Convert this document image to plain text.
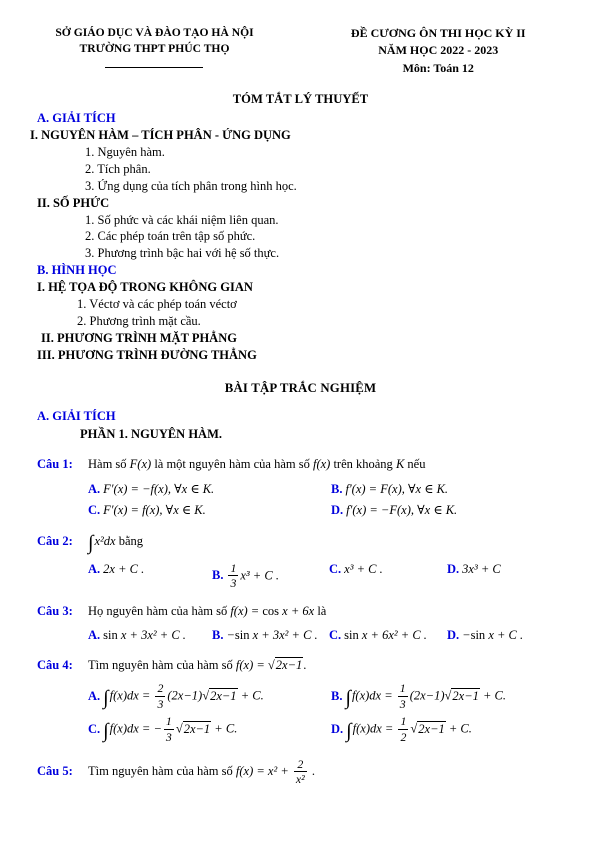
SỞ GIÁO DỤC VÀ ĐÀO TẠO HÀ NỘI
TRƯỜNG THPT PHÚC THỌ
ĐỀ CƯƠNG ÔN THI HỌC KỲ II
NĂM HỌC 2022 - 2023
Môn: Toán 12
TÓM TẮT LÝ THUYẾT
A. GIẢI TÍCH
I. NGUYÊN HÀM – TÍCH PHÂN - ỨNG DỤNG
1. Nguyên hàm.
2. Tích phân.
3. Ứng dụng của tích phân trong hình học.
II. SỐ PHỨC
1. Số phức và các khái niệm liên quan.
2. Các phép toán trên tập số phức.
3. Phương trình bậc hai với hệ số thực.
B. HÌNH HỌC
I. HỆ TỌA ĐỘ TRONG KHÔNG GIAN
1. Véctơ và các phép toán véctơ
2. Phương trình mặt cầu.
II. PHƯƠNG TRÌNH MẶT PHẲNG
III. PHƯƠNG TRÌNH ĐƯỜNG THẲNG
BÀI TẬP TRẮC NGHIỆM
A. GIẢI TÍCH
PHẦN 1. NGUYÊN HÀM.
Câu 1: Hàm số F(x) là một nguyên hàm của hàm số f(x) trên khoảng K nếu
A. F′(x) = −f(x), ∀x ∈ K.	B. f′(x) = F(x), ∀x ∈ K.
C. F′(x) = f(x), ∀x ∈ K.	D. f′(x) = −F(x), ∀x ∈ K.
Câu 2: ∫x²dx bằng
A. 2x + C .	B. $\frac{1}{3} x^3 + C$ .	C. x³ + C .	D. 3x³ + C
Câu 3: Họ nguyên hàm của hàm số f(x) = cos x + 6x là
A. sin x + 3x² + C .	B. −sin x + 3x² + C . C. sin x + 6x² + C .	D. −sin x + C .
Câu 4: Tìm nguyên hàm của hàm số f(x) = √2x−1.
A. $\int f(x)dx = \frac{2}{3} (2x-1)√2x-1 + C$.	B. $\int f(x)dx = \frac{1}{3} (2x-1)√2x-1 + C$.
C. ∫f(x)dx = − $\frac{1}{3} √2x-1 + C$.	D. $\int f(x)dx = \frac{1}{2} √2x-1 + C$.
Câu 5: Tìm nguyên hàm của hàm số $f(x) = x^2 + \frac{2}{\text{x²}}$ .
